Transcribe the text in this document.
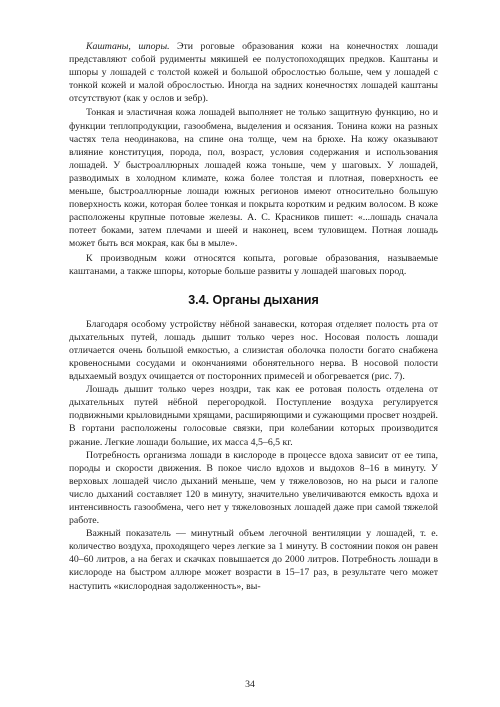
Каштаны, шпоры. Эти роговые образования кожи на конечностях лошади представляют собой рудименты мякишей ее полустопоходящих предков. Каштаны и шпоры у лошадей с толстой кожей и большой оброслостью больше, чем у лошадей с тонкой кожей и малой оброслостью. Иногда на задних конечностях лошадей каштаны отсутствуют (как у ослов и зебр).

Тонкая и эластичная кожа лошадей выполняет не только защитную функцию, но и функции теплопродукции, газообмена, выделения и осязания. Тонина кожи на разных частях тела неодинакова, на спине она толще, чем на брюхе. На кожу оказывают влияние конституция, порода, пол, возраст, условия содержания и использования лошадей. У быстроаллюрных лошадей кожа тоньше, чем у шаговых. У лошадей, разводимых в холодном климате, кожа более толстая и плотная, поверхность ее меньше, быстроаллюрные лошади южных регионов имеют относительно большую поверхность кожи, которая более тонкая и покрыта коротким и редким волосом. В коже расположены крупные потовые железы. А. С. Красников пишет: «...лошадь сначала потеет боками, затем плечами и шеей и наконец, всем туловищем. Потная лошадь может быть вся мокрая, как бы в мыле».

К производным кожи относятся копыта, роговые образования, называемые каштанами, а также шпоры, которые больше развиты у лошадей шаговых пород.

3.4. Органы дыхания

Благодаря особому устройству нёбной занавески, которая отделяет полость рта от дыхательных путей, лошадь дышит только через нос. Носовая полость лошади отличается очень большой емкостью, а слизистая оболочка полости богато снабжена кровеносными сосудами и окончаниями обонятельного нерва. В носовой полости вдыхаемый воздух очищается от посторонних примесей и обогревается (рис. 7).

Лошадь дышит только через ноздри, так как ее ротовая полость отделена от дыхательных путей нёбной перегородкой. Поступление воздуха регулируется подвижными крыловидными хрящами, расширяющими и сужающими просвет ноздрей. В гортани расположены голосовые связки, при колебании которых производится ржание. Легкие лошади большие, их масса 4,5–6,5 кг.

Потребность организма лошади в кислороде в процессе вдоха зависит от ее типа, породы и скорости движения. В покое число вдохов и выдохов 8–16 в минуту. У верховых лошадей число дыханий меньше, чем у тяжеловозов, но на рыси и галопе число дыханий составляет 120 в минуту, значительно увеличиваются емкость вдоха и интенсивность газообмена, чего нет у тяжеловозных лошадей даже при самой тяжелой работе.

Важный показатель — минутный объем легочной вентиляции у лошадей, т. е. количество воздуха, проходящего через легкие за 1 минуту. В состоянии покоя он равен 40–60 литров, а на бегах и скачках повышается до 2000 литров. Потребность лошади в кислороде на быстром аллюре может возрасти в 15–17 раз, в результате чего может наступить «кислородная задолженность», вы-

34
